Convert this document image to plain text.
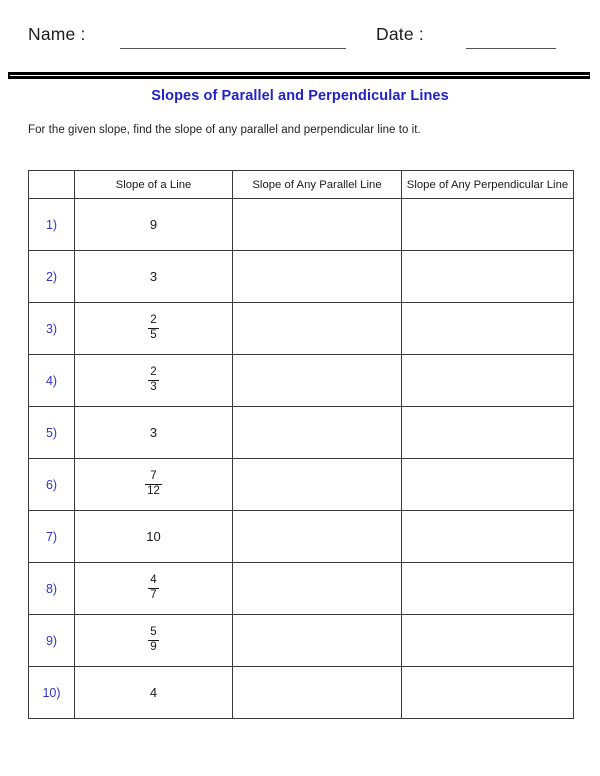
Name :	Date :
Slopes of Parallel and Perpendicular Lines
For the given slope, find the slope of any parallel and perpendicular line to it.
	Slope of a Line	Slope of Any Parallel Line	Slope of Any Perpendicular Line
1)	9		
2)	3		
3)	$\frac{2}{5}$

4)	$\frac{2}{3}$

5)	3		
6)	$\frac{7}{12}$

7)	10		
8)	$\frac{4}{7}$

9)	$\frac{5}{9}$

10)	4		
